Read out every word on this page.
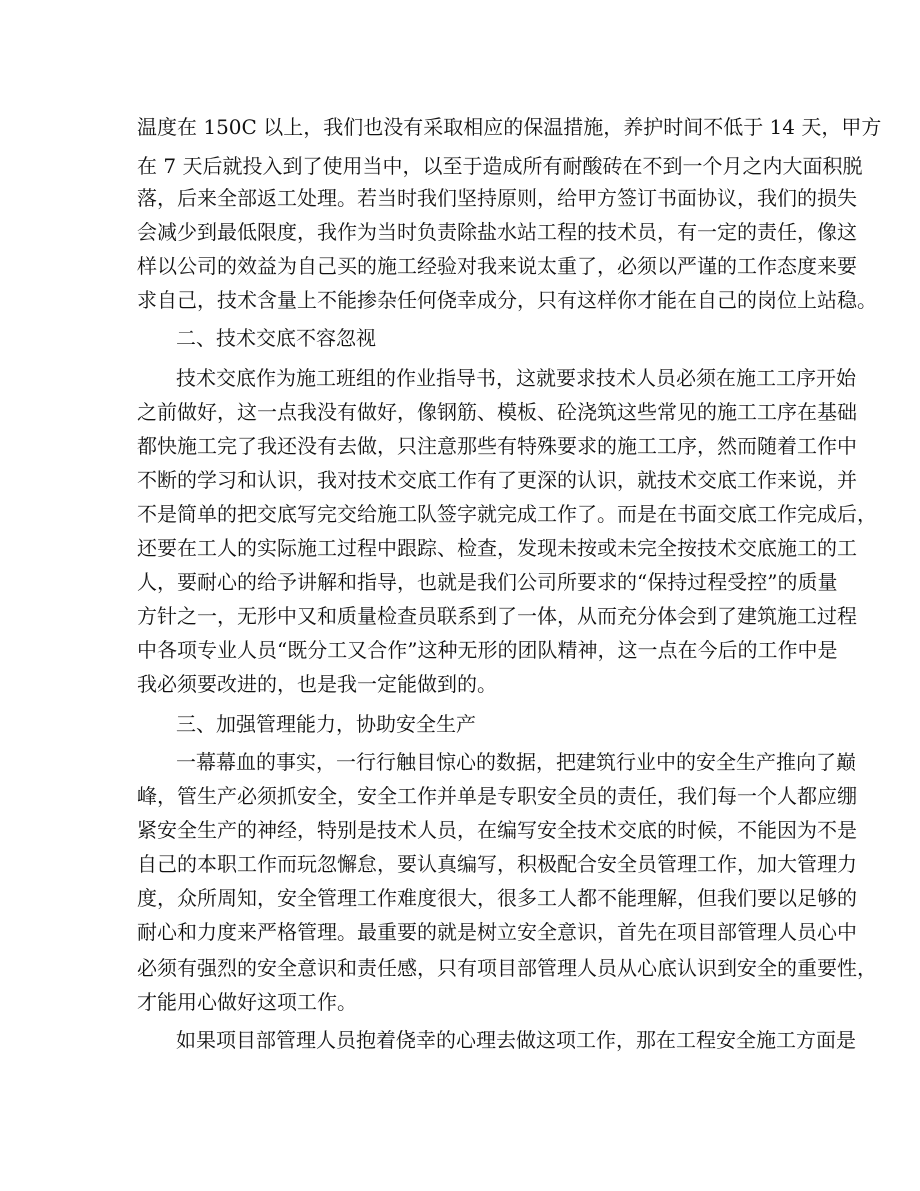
温度在 150C 以上，我们也没有采取相应的保温措施，养护时间不低于 14 天，甲方
在 7 天后就投入到了使用当中，以至于造成所有耐酸砖在不到一个月之内大面积脱
落，后来全部返工处理。若当时我们坚持原则，给甲方签订书面协议，我们的损失
会减少到最低限度，我作为当时负责除盐水站工程的技术员，有一定的责任，像这
样以公司的效益为自己买的施工经验对我来说太重了，必须以严谨的工作态度来要
求自己，技术含量上不能掺杂任何侥幸成分，只有这样你才能在自己的岗位上站稳。
二、技术交底不容忽视
技术交底作为施工班组的作业指导书，这就要求技术人员必须在施工工序开始
之前做好，这一点我没有做好，像钢筋、模板、砼浇筑这些常见的施工工序在基础
都快施工完了我还没有去做，只注意那些有特殊要求的施工工序，然而随着工作中
不断的学习和认识，我对技术交底工作有了更深的认识，就技术交底工作来说，并
不是简单的把交底写完交给施工队签字就完成工作了。而是在书面交底工作完成后，
还要在工人的实际施工过程中跟踪、检查，发现未按或未完全按技术交底施工的工
人，要耐心的给予讲解和指导，也就是我们公司所要求的“保持过程受控”的质量
方针之一，无形中又和质量检查员联系到了一体，从而充分体会到了建筑施工过程
中各项专业人员“既分工又合作”这种无形的团队精神，这一点在今后的工作中是
我必须要改进的，也是我一定能做到的。
三、加强管理能力，协助安全生产
一幕幕血的事实，一行行触目惊心的数据，把建筑行业中的安全生产推向了巅
峰，管生产必须抓安全，安全工作并单是专职安全员的责任，我们每一个人都应绷
紧安全生产的神经，特别是技术人员，在编写安全技术交底的时候，不能因为不是
自己的本职工作而玩忽懈怠，要认真编写，积极配合安全员管理工作，加大管理力
度，众所周知，安全管理工作难度很大，很多工人都不能理解，但我们要以足够的
耐心和力度来严格管理。最重要的就是树立安全意识，首先在项目部管理人员心中
必须有强烈的安全意识和责任感，只有项目部管理人员从心底认识到安全的重要性，
才能用心做好这项工作。
如果项目部管理人员抱着侥幸的心理去做这项工作，那在工程安全施工方面是
